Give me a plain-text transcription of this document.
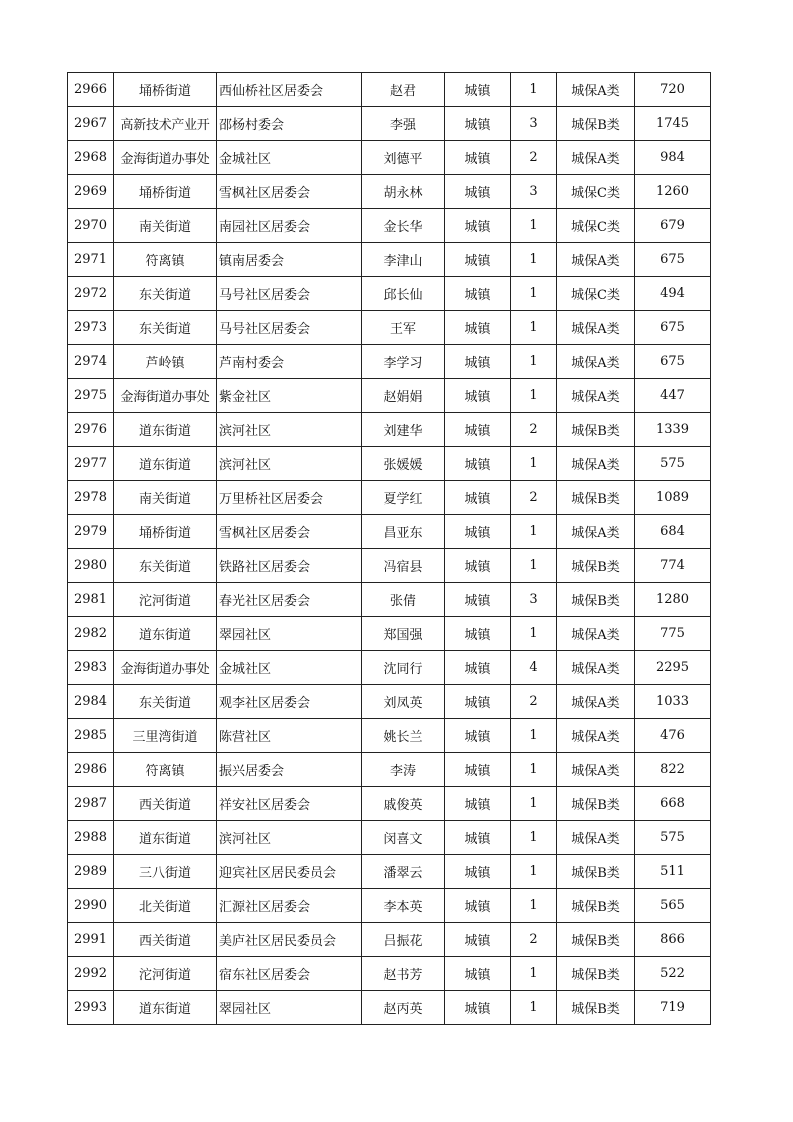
2966	埇桥街道	西仙桥社区居委会	赵君	城镇	1	城保A类	720
2967	高新技术产业开	邵杨村委会	李强	城镇	3	城保B类	1745
2968	金海街道办事处	金城社区	刘德平	城镇	2	城保A类	984
2969	埇桥街道	雪枫社区居委会	胡永林	城镇	3	城保C类	1260
2970	南关街道	南园社区居委会	金长华	城镇	1	城保C类	679
2971	符离镇	镇南居委会	李津山	城镇	1	城保A类	675
2972	东关街道	马号社区居委会	邱长仙	城镇	1	城保C类	494
2973	东关街道	马号社区居委会	王军	城镇	1	城保A类	675
2974	芦岭镇	芦南村委会	李学习	城镇	1	城保A类	675
2975	金海街道办事处	紫金社区	赵娟娟	城镇	1	城保A类	447
2976	道东街道	滨河社区	刘建华	城镇	2	城保B类	1339
2977	道东街道	滨河社区	张媛媛	城镇	1	城保A类	575
2978	南关街道	万里桥社区居委会	夏学红	城镇	2	城保B类	1089
2979	埇桥街道	雪枫社区居委会	昌亚东	城镇	1	城保A类	684
2980	东关街道	铁路社区居委会	冯宿县	城镇	1	城保B类	774
2981	沱河街道	春光社区居委会	张倩	城镇	3	城保B类	1280
2982	道东街道	翠园社区	郑国强	城镇	1	城保A类	775
2983	金海街道办事处	金城社区	沈同行	城镇	4	城保A类	2295
2984	东关街道	观李社区居委会	刘凤英	城镇	2	城保A类	1033
2985	三里湾街道	陈营社区	姚长兰	城镇	1	城保A类	476
2986	符离镇	振兴居委会	李涛	城镇	1	城保A类	822
2987	西关街道	祥安社区居委会	戚俊英	城镇	1	城保B类	668
2988	道东街道	滨河社区	闵喜文	城镇	1	城保A类	575
2989	三八街道	迎宾社区居民委员会	潘翠云	城镇	1	城保B类	511
2990	北关街道	汇源社区居委会	李本英	城镇	1	城保B类	565
2991	西关街道	美庐社区居民委员会	吕振花	城镇	2	城保B类	866
2992	沱河街道	宿东社区居委会	赵书芳	城镇	1	城保B类	522
2993	道东街道	翠园社区	赵丙英	城镇	1	城保B类	719
